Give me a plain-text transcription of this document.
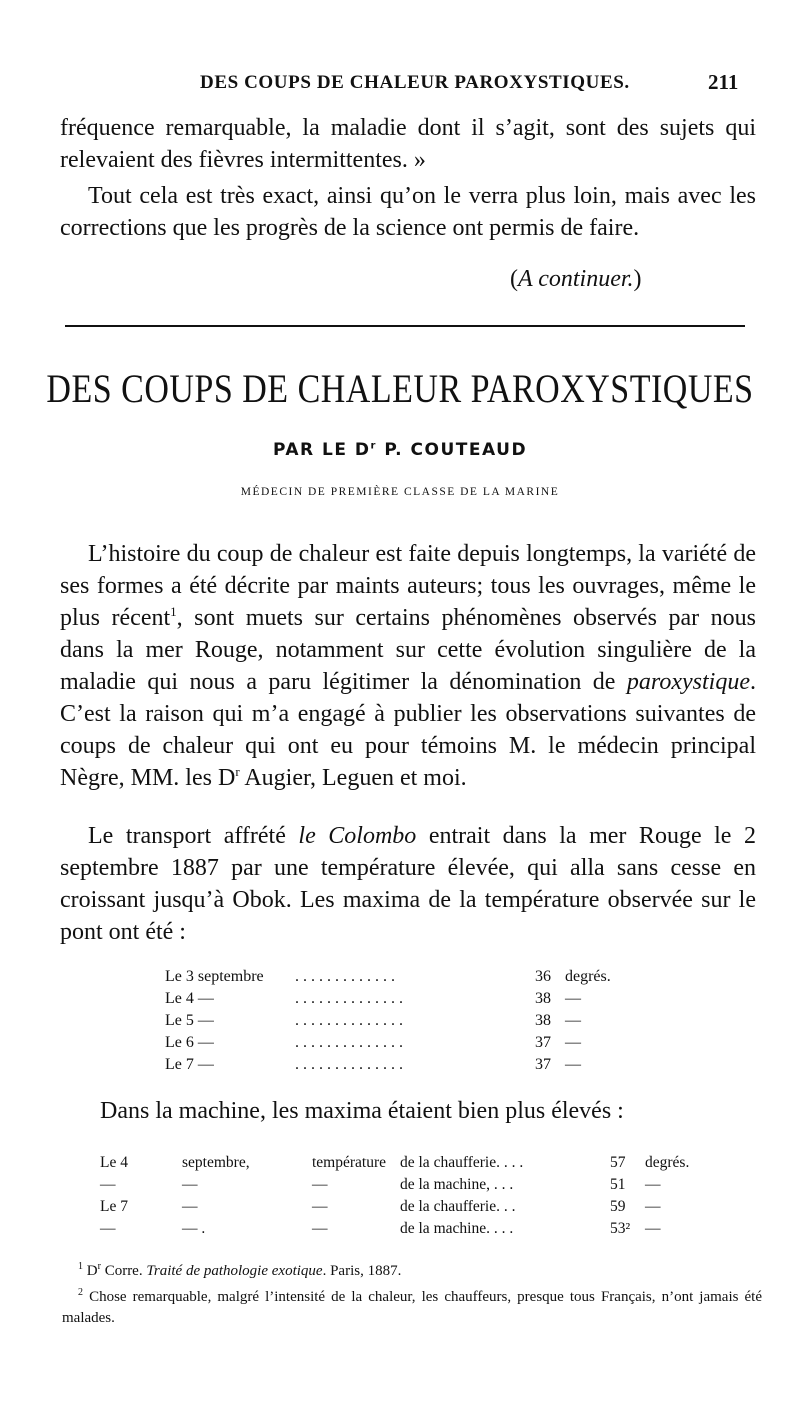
DES COUPS DE CHALEUR PAROXYSTIQUES.	211

fréquence remarquable, la maladie dont il s’agit, sont des sujets qui relevaient des fièvres intermittentes. »

Tout cela est très exact, ainsi qu’on le verra plus loin, mais avec les corrections que les progrès de la science ont permis de faire.

(A continuer.)
DES COUPS DE CHALEUR PAROXYSTIQUES
PAR LE $D^r$ P. COUTEAUD
MÉDECIN DE PREMIÈRE CLASSE DE LA MARINE

L’histoire du coup de chaleur est faite depuis longtemps, la variété de ses formes a été décrite par maints auteurs; tous les ouvrages, même le plus récent$^1$, sont muets sur certains phénomènes observés par nous dans la mer Rouge, notamment sur cette évolution singulière de la maladie qui nous a paru légitimer la dénomination de paroxystique. C’est la raison qui m’a engagé à publier les observations suivantes de coups de chaleur qui ont eu pour témoins M. le médecin principal Nègre, MM. les $D^r$ Augier, Leguen et moi.

Le transport affrété le Colombo entrait dans la mer Rouge le 2 septembre 1887 par une température élevée, qui alla sans cesse en croissant jusqu’à Obok. Les maxima de la température observée sur le pont ont été :

Le 3 septembre . . . . . . . . . . . . .	36 degrés.
Le 4 —	. . . . . . . . . . . . . .	38 —
Le 5 —	. . . . . . . . . . . . . .	38 —
Le 6 —	. . . . . . . . . . . . . .	37 —
Le 7 —	. . . . . . . . . . . . . .	37 —
Dans la machine, les maxima étaient bien plus élevés :
Le 4	septembre,	température de la chaufferie. . . .	57 degrés.
—	—	—	de la machine, . . .	51 —
Le 7	—	—	de la chaufferie. . .	59 —
—	— .	—	de la machine. . . .	53² —

$^1$ $D^r$ Corre. Traité de pathologie exotique. Paris, 1887.

$^2$ Chose remarquable, malgré l’intensité de la chaleur, les chauffeurs, presque tous Français, n’ont jamais été malades.
